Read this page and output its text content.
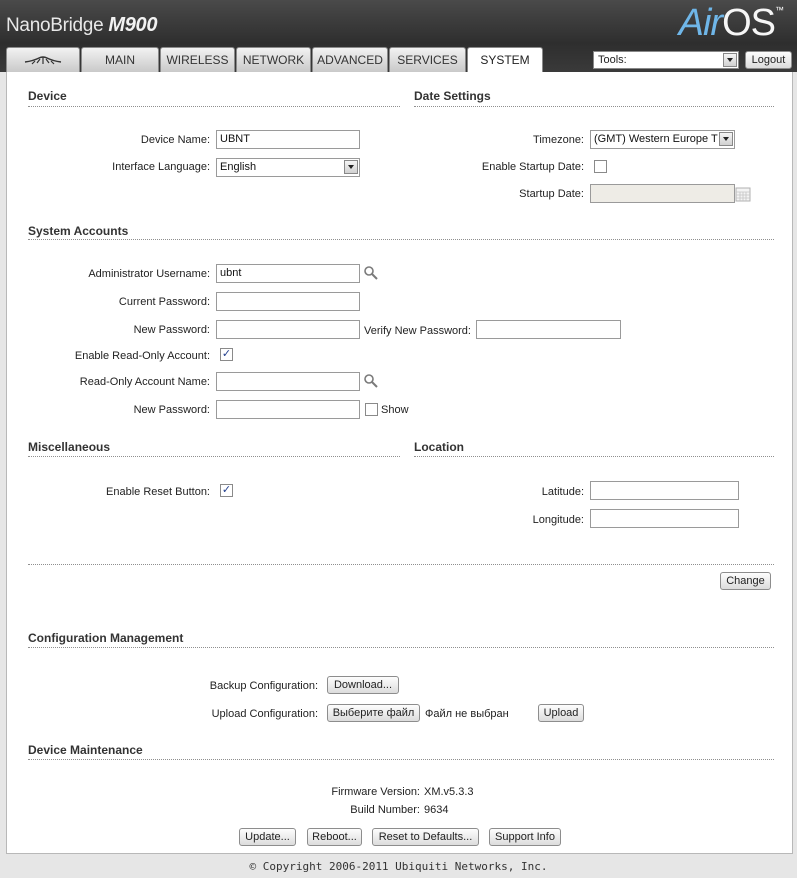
NanoBridge M900	AirOS™
MAIN	WIRELESS	NETWORK	ADVANCED	SERVICES	SYSTEM	Tools:	Logout
Device
Device Name: UBNT
Interface Language: English
Date Settings
Timezone: (GMT) Western Europe T
Enable Startup Date:
Startup Date:
System Accounts
Administrator Username: ubnt
Current Password:
New Password:	Verify New Password:
Enable Read-Only Account: ✓
Read-Only Account Name:
New Password:	Show
Miscellaneous
Enable Reset Button: ✓
Location
Latitude:
Longitude:
Change
Configuration Management
Backup Configuration:	Download...
Upload Configuration:	Выберите файл Файл не выбран	Upload
Device Maintenance
Firmware Version: XM.v5.3.3
Build Number: 9634
Update...	Reboot...	Reset to Defaults...	Support Info
© Copyright 2006-2011 Ubiquiti Networks, Inc.
